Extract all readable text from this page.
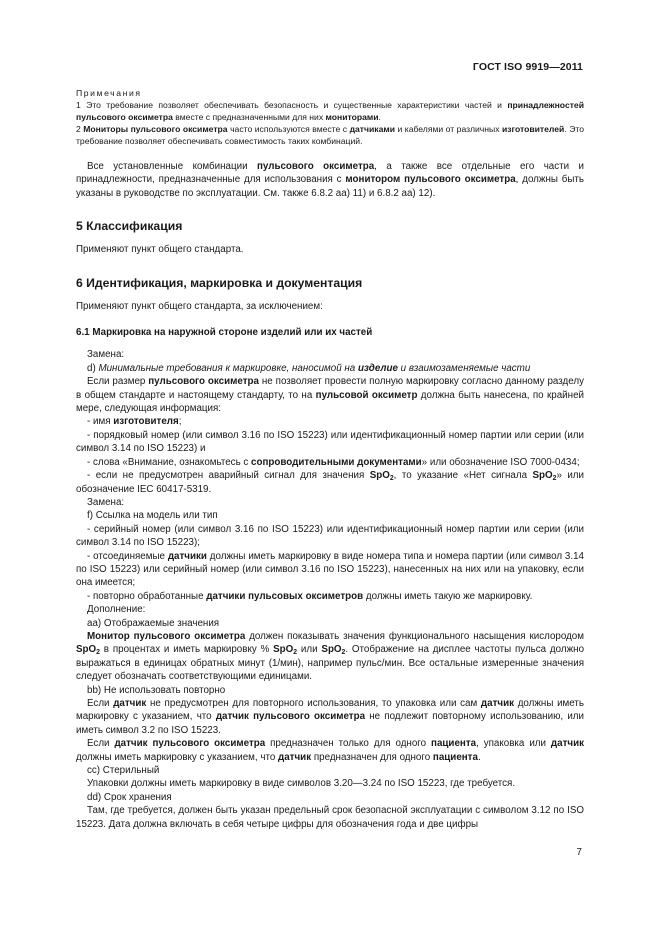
ГОСТ ISO 9919—2011
Примечания

1 Это требование позволяет обеспечивать безопасность и существенные характеристики частей и принадлежностей пульсового оксиметра вместе с предназначенными для них мониторами.

2 Мониторы пульсового оксиметра часто используются вместе с датчиками и кабелями от различных изготовителей. Это требование позволяет обеспечивать совместимость таких комбинаций.

Все установленные комбинации пульсового оксиметра, а также все отдельные его части и принадлежности, предназначенные для использования с монитором пульсового оксиметра, должны быть указаны в руководстве по эксплуатации. См. также 6.8.2 аа) 11) и 6.8.2 аа) 12).

5 Классификация

Применяют пункт общего стандарта.

6 Идентификация, маркировка и документация

Применяют пункт общего стандарта, за исключением:

6.1 Маркировка на наружной стороне изделий или их частей

Замена:

d) Минимальные требования к маркировке, наносимой на изделие и взаимозаменяемые части

Если размер пульсового оксиметра не позволяет провести полную маркировку согласно данному разделу в общем стандарте и настоящему стандарту, то на пульсовой оксиметр должна быть нанесена, по крайней мере, следующая информация:

- имя изготовителя;

- порядковый номер (или символ 3.16 по ISO 15223) или идентификационный номер партии или серии (или символ 3.14 по ISO 15223) и

- слова «Внимание, ознакомьтесь с сопроводительными документами» или обозначение ISO 7000-0434;

- если не предусмотрен аварийный сигнал для значения SpO$_2$, то указание «Нет сигнала SpO$_2$» или обозначение IEC 60417-5319.

Замена:

f) Ссылка на модель или тип

- серийный номер (или символ 3.16 по ISO 15223) или идентификационный номер партии или серии (или символ 3.14 по ISO 15223);

- отсоединяемые датчики должны иметь маркировку в виде номера типа и номера партии (или символ 3.14 по ISO 15223) или серийный номер (или символ 3.16 по ISO 15223), нанесенных на них или на упаковку, если она имеется;

- повторно обработанные датчики пульсовых оксиметров должны иметь такую же маркировку.

Дополнение:

aa) Отображаемые значения

Монитор пульсового оксиметра должен показывать значения функционального насыщения кислородом SpO$_2$ в процентах и иметь маркировку % SpO$_2$ или SpO$_2$. Отображение на дисплее частоты пульса должно выражаться в единицах обратных минут (1/мин), например пульс/мин. Все остальные измеренные значения следует обозначать соответствующими единицами.

bb) Не использовать повторно

Если датчик не предусмотрен для повторного использования, то упаковка или сам датчик должны иметь маркировку с указанием, что датчик пульсового оксиметра не подлежит повторному использованию, или иметь символ 3.2 по ISO 15223.

Если датчик пульсового оксиметра предназначен только для одного пациента, упаковка или датчик должны иметь маркировку с указанием, что датчик предназначен для одного пациента.

cc) Стерильный

Упаковки должны иметь маркировку в виде символов 3.20—3.24 по ISO 15223, где требуется.

dd) Срок хранения

Там, где требуется, должен быть указан предельный срок безопасной эксплуатации с символом 3.12 по ISO 15223. Дата должна включать в себя четыре цифры для обозначения года и две цифры

7
